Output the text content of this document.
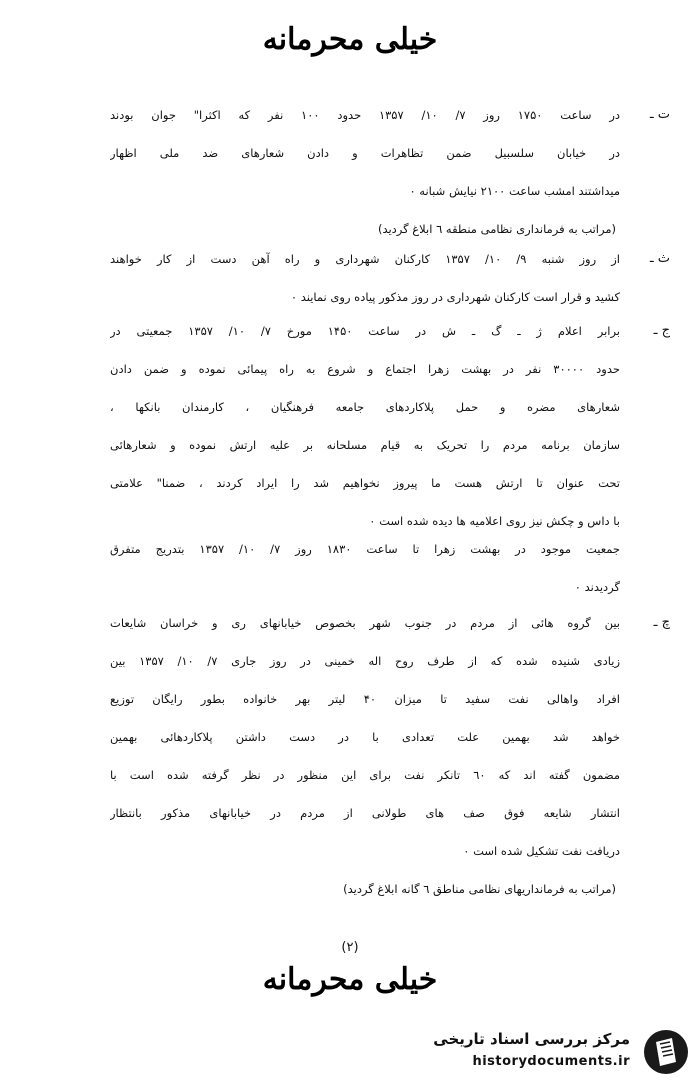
خیلی محرمانه
ت ـ
در ساعت ۱۷۵۰ روز ۷/ ۱۰/ ۱۳۵۷ حدود ۱۰۰ نفر که اکثرا" جوان بودند
در خیابان سلسبیل ضمن تظاهرات و دادن شعارهای ضد ملی اظهار
میداشتند امشب ساعت ۲۱۰۰ نیایش شبانه ۰
(مراتب به فرمانداری نظامی منطقه ٦ ابلاغ گردید)
ث ـ
از روز شنبه ۹/ ۱۰/ ۱۳۵۷ کارکنان شهرداری و راه آهن دست از کار خواهند
کشید و قرار است کارکنان شهرداری در روز مذکور پیاده روی نمایند ۰
ج ـ
برابر اعلام ژ ـ گ ـ ش در ساعت ۱۴۵۰ مورخ ۷/ ۱۰/ ۱۳۵۷ جمعیتی در
حدود ۳۰۰۰۰ نفر در بهشت زهرا اجتماع و شروع به راه پیمائی نموده و ضمن دادن
شعارهای مضره و حمل پلاکاردهای جامعه فرهنگیان ، کارمندان بانکها ،
سازمان برنامه مردم را تحریک به قیام مسلحانه بر علیه ارتش نموده و شعارهائی
تحت عنوان تا ارتش هست ما پیروز نخواهیم شد را ایراد کردند ، ضمنا" علامتی
با داس و چکش نیز روی اعلامیه ها دیده شده است ۰
جمعیت موجود در بهشت زهرا تا ساعت ۱۸۳۰ روز ۷/ ۱۰/ ۱۳۵۷ بتدریج متفرق
گردیدند ۰
چ ـ
بین گروه هائی از مردم در جنوب شهر بخصوص خیابانهای ری و خراسان شایعات
زیادی شنیده شده که از طرف روح اله خمینی در روز جاری ۷/ ۱۰/ ۱۳۵۷ بین
افراد واهالی نفت سفید تا میزان ۴۰ لیتر بهر خانواده بطور رایگان توزیع
خواهد شد بهمین علت تعدادی با در دست داشتن پلاکاردهائی بهمین
مضمون گفته اند که ٦۰ تانکر نفت برای این منظور در نظر گرفته شده است با
انتشار شایعه فوق صف های طولانی از مردم در خیابانهای مذکور بانتظار
دریافت نفت تشکیل شده است ۰
(مراتب به فرمانداریهای نظامی مناطق ٦ گانه ابلاغ گردید)
(۲)
خیلی محرمانه
مرکز بررسی اسناد تاریخی
historydocuments.ir
